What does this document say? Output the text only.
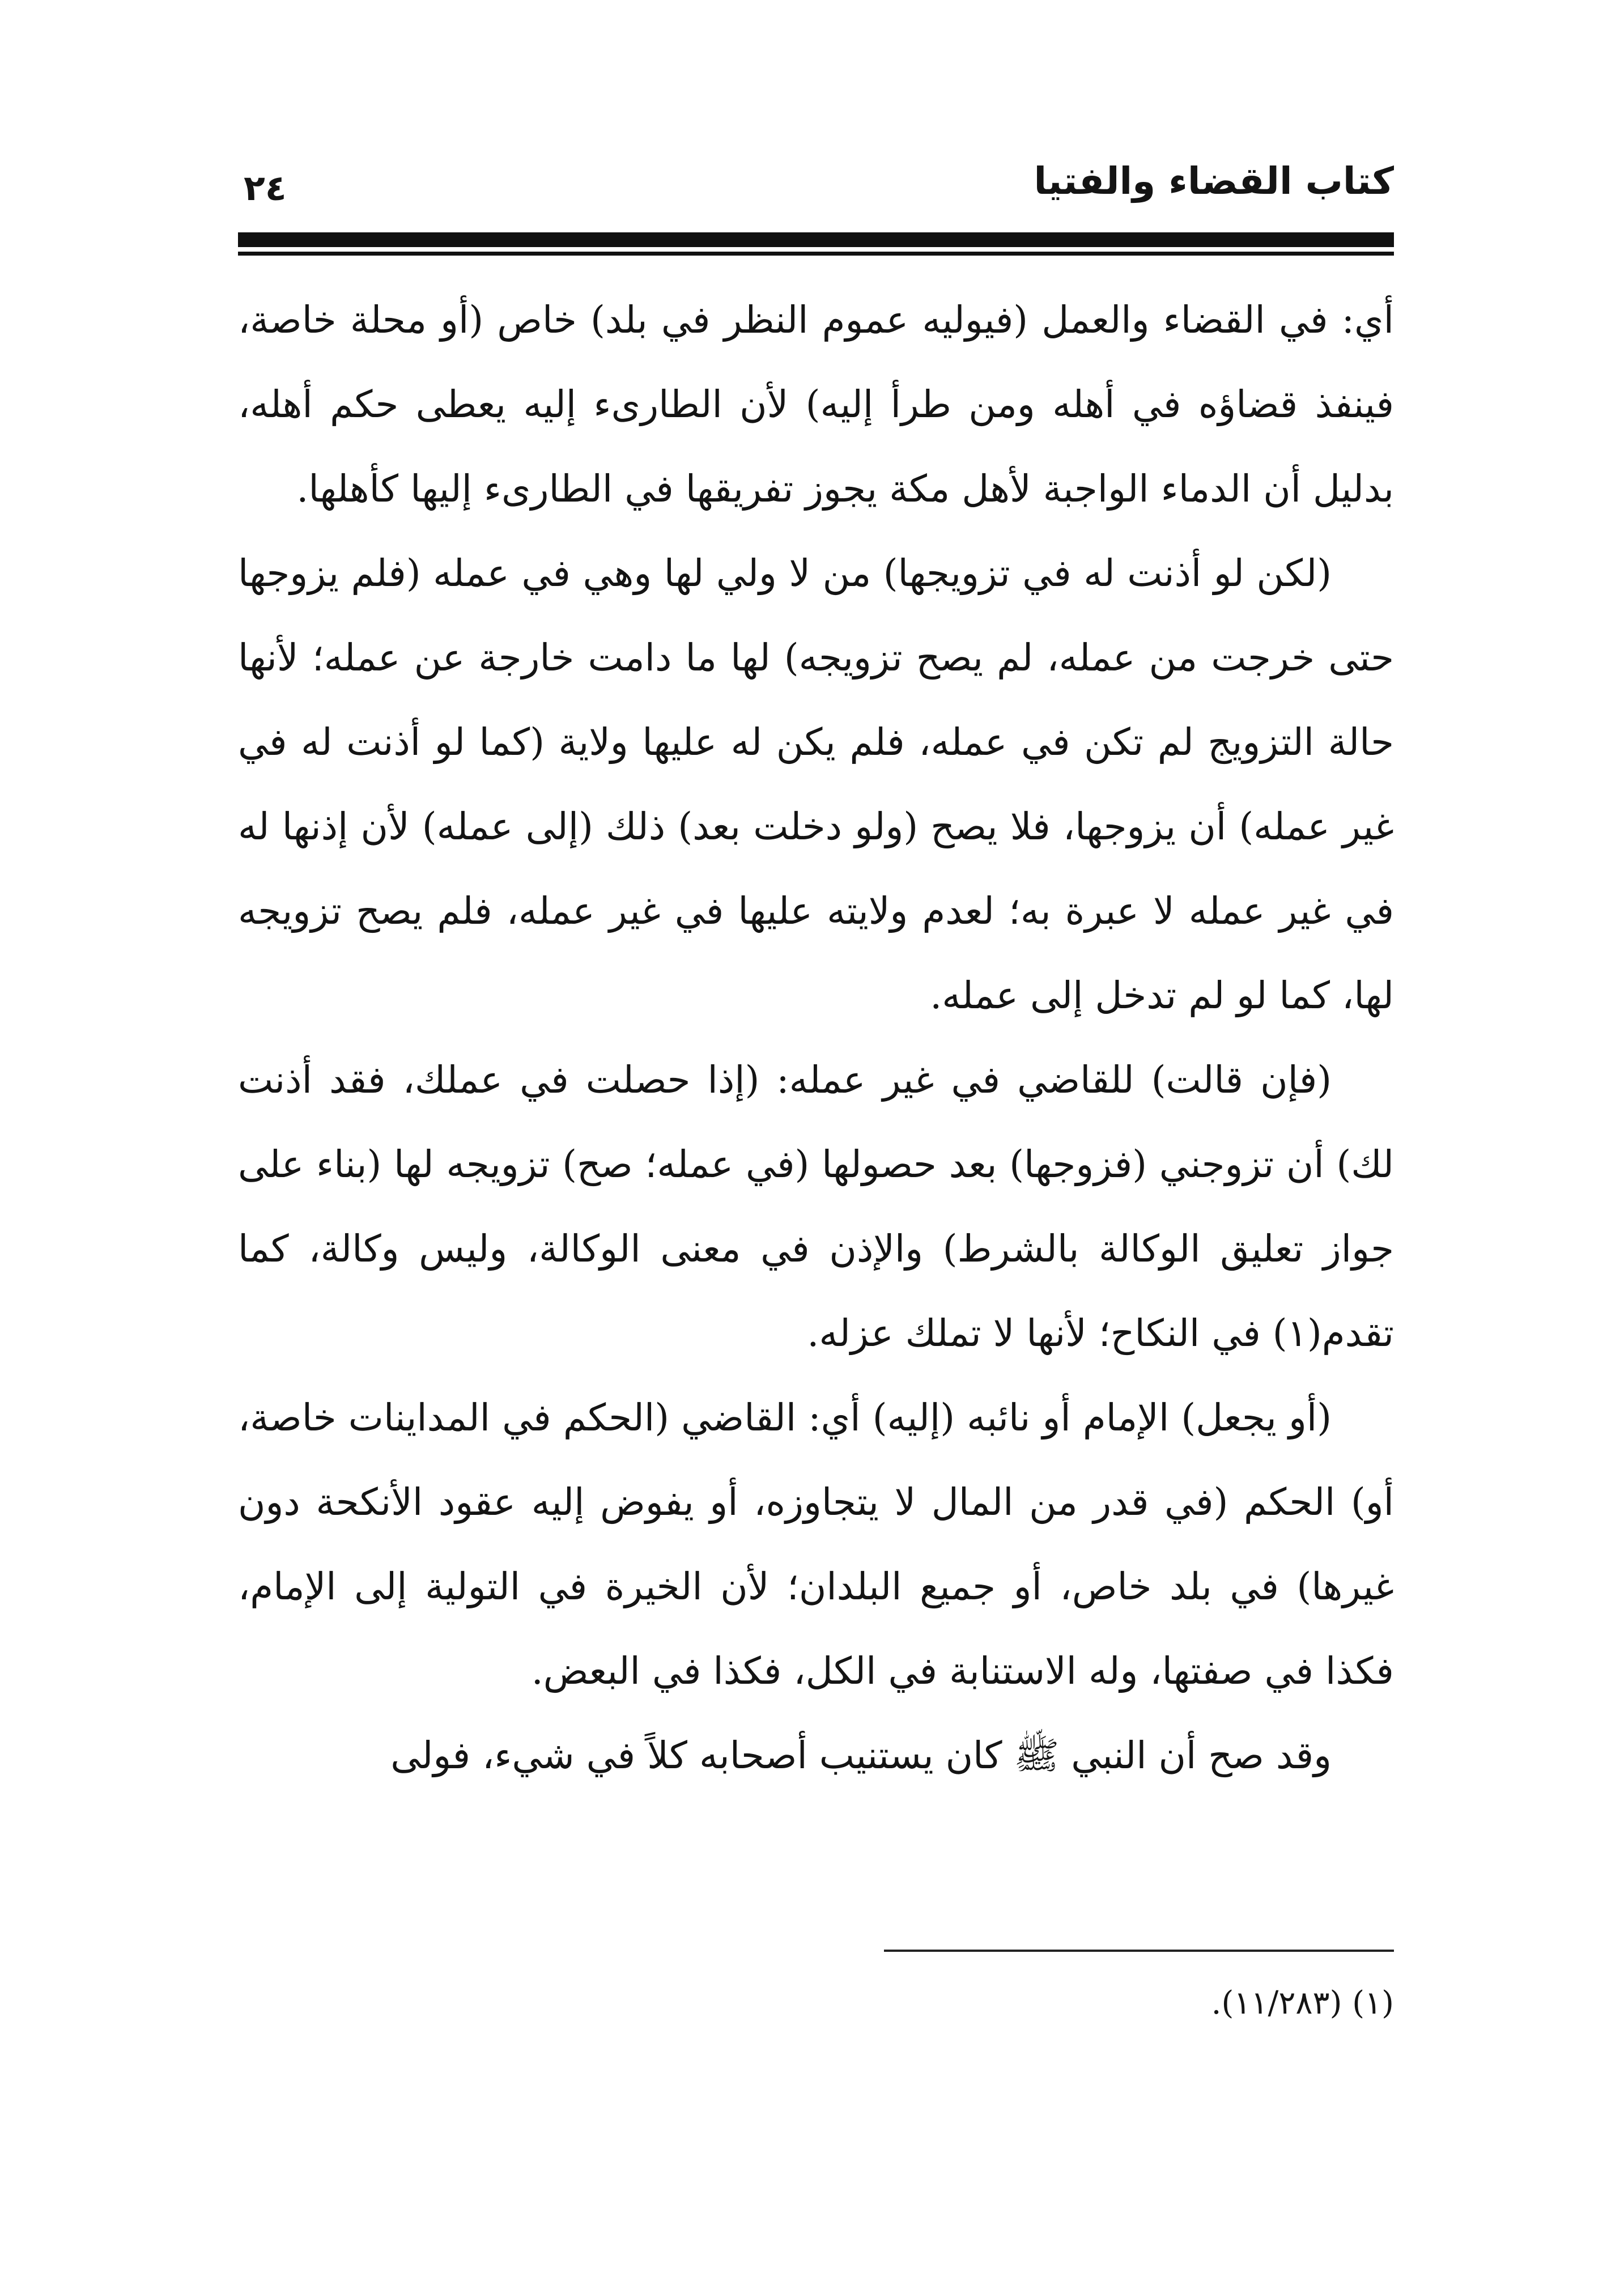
كتاب القضاء والفتيا
٢٤

أي: في القضاء والعمل (فيوليه عموم النظر في بلد) خاص (أو محلة خاصة، فينفذ قضاؤه في أهله ومن طرأ إليه) لأن الطارىء إليه يعطى حكم أهله، بدليل أن الدماء الواجبة لأهل مكة يجوز تفريقها في الطارىء إليها كأهلها.

(لكن لو أذنت له في تزويجها) من لا ولي لها وهي في عمله (فلم يزوجها حتى خرجت من عمله، لم يصح تزويجه) لها ما دامت خارجة عن عمله؛ لأنها حالة التزويج لم تكن في عمله، فلم يكن له عليها ولاية (كما لو أذنت له في غير عمله) أن يزوجها، فلا يصح (ولو دخلت بعد) ذلك (إلى عمله) لأن إذنها له في غير عمله لا عبرة به؛ لعدم ولايته عليها في غير عمله، فلم يصح تزويجه لها، كما لو لم تدخل إلى عمله.

(فإن قالت) للقاضي في غير عمله: (إذا حصلت في عملك، فقد أذنت لك) أن تزوجني (فزوجها) بعد حصولها (في عمله؛ صح) تزويجه لها (بناء على جواز تعليق الوكالة بالشرط) والإذن في معنى الوكالة، وليس وكالة، كما تقدم(١) في النكاح؛ لأنها لا تملك عزله.

(أو يجعل) الإمام أو نائبه (إليه) أي: القاضي (الحكم في المداينات خاصة، أو) الحكم (في قدر من المال لا يتجاوزه، أو يفوض إليه عقود الأنكحة دون غيرها) في بلد خاص، أو جميع البلدان؛ لأن الخيرة في التولية إلى الإمام، فكذا في صفتها، وله الاستنابة في الكل، فكذا في البعض.

وقد صح أن النبي ﷺ كان يستنيب أصحابه كلاً في شيء، فولى

(١) (١١/٢٨٣).
